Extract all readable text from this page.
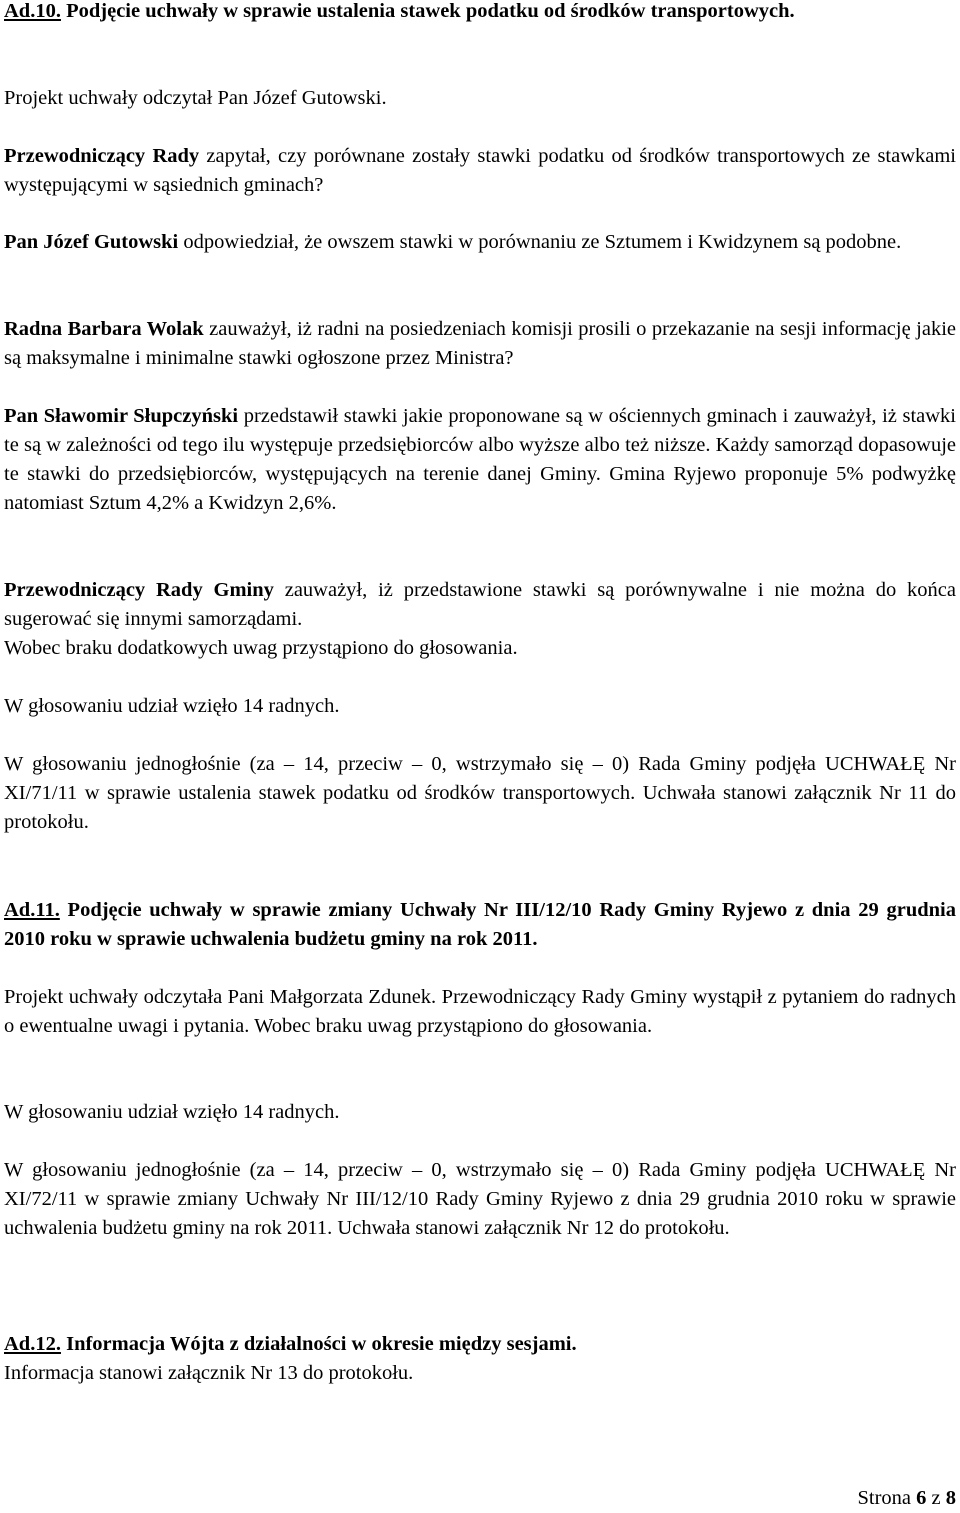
Ad.10. Podjęcie uchwały w sprawie ustalenia stawek podatku od środków transportowych.

Projekt uchwały odczytał Pan Józef Gutowski.

Przewodniczący Rady zapytał, czy porównane zostały stawki podatku od środków transportowych ze stawkami występującymi w sąsiednich gminach?

Pan Józef Gutowski odpowiedział, że owszem stawki w porównaniu ze Sztumem i Kwidzynem są podobne.

Radna Barbara Wolak zauważył, iż radni na posiedzeniach komisji prosili o przekazanie na sesji informację jakie są maksymalne i minimalne stawki ogłoszone przez Ministra?

Pan Sławomir Słupczyński przedstawił stawki jakie proponowane są w ościennych gminach i zauważył, iż stawki te są w zależności od tego ilu występuje przedsiębiorców albo wyższe albo też niższe. Każdy samorząd dopasowuje te stawki do przedsiębiorców, występujących na terenie danej Gminy. Gmina Ryjewo proponuje 5% podwyżkę natomiast Sztum 4,2% a Kwidzyn 2,6%.

Przewodniczący Rady Gminy zauważył, iż przedstawione stawki są porównywalne i nie można do końca sugerować się innymi samorządami.
Wobec braku dodatkowych uwag przystąpiono do głosowania.

W głosowaniu udział wzięło 14 radnych.

W głosowaniu jednogłośnie (za – 14, przeciw – 0, wstrzymało się – 0) Rada Gminy podjęła UCHWAŁĘ Nr XI/71/11 w sprawie ustalenia stawek podatku od środków transportowych. Uchwała stanowi załącznik Nr 11 do protokołu.

Ad.11. Podjęcie uchwały w sprawie zmiany Uchwały Nr III/12/10 Rady Gminy Ryjewo z dnia 29 grudnia 2010 roku w sprawie uchwalenia budżetu gminy na rok 2011.

Projekt uchwały odczytała Pani Małgorzata Zdunek. Przewodniczący Rady Gminy wystąpił z pytaniem do radnych o ewentualne uwagi i pytania. Wobec braku uwag przystąpiono do głosowania.

W głosowaniu udział wzięło 14 radnych.

W głosowaniu jednogłośnie (za – 14, przeciw – 0, wstrzymało się – 0) Rada Gminy podjęła UCHWAŁĘ Nr XI/72/11 w sprawie zmiany Uchwały Nr III/12/10 Rady Gminy Ryjewo z dnia 29 grudnia 2010 roku w sprawie uchwalenia budżetu gminy na rok 2011. Uchwała stanowi załącznik Nr 12 do protokołu.

Ad.12. Informacja Wójta z działalności w okresie między sesjami.
Informacja stanowi załącznik Nr 13 do protokołu.

Strona 6 z 8
